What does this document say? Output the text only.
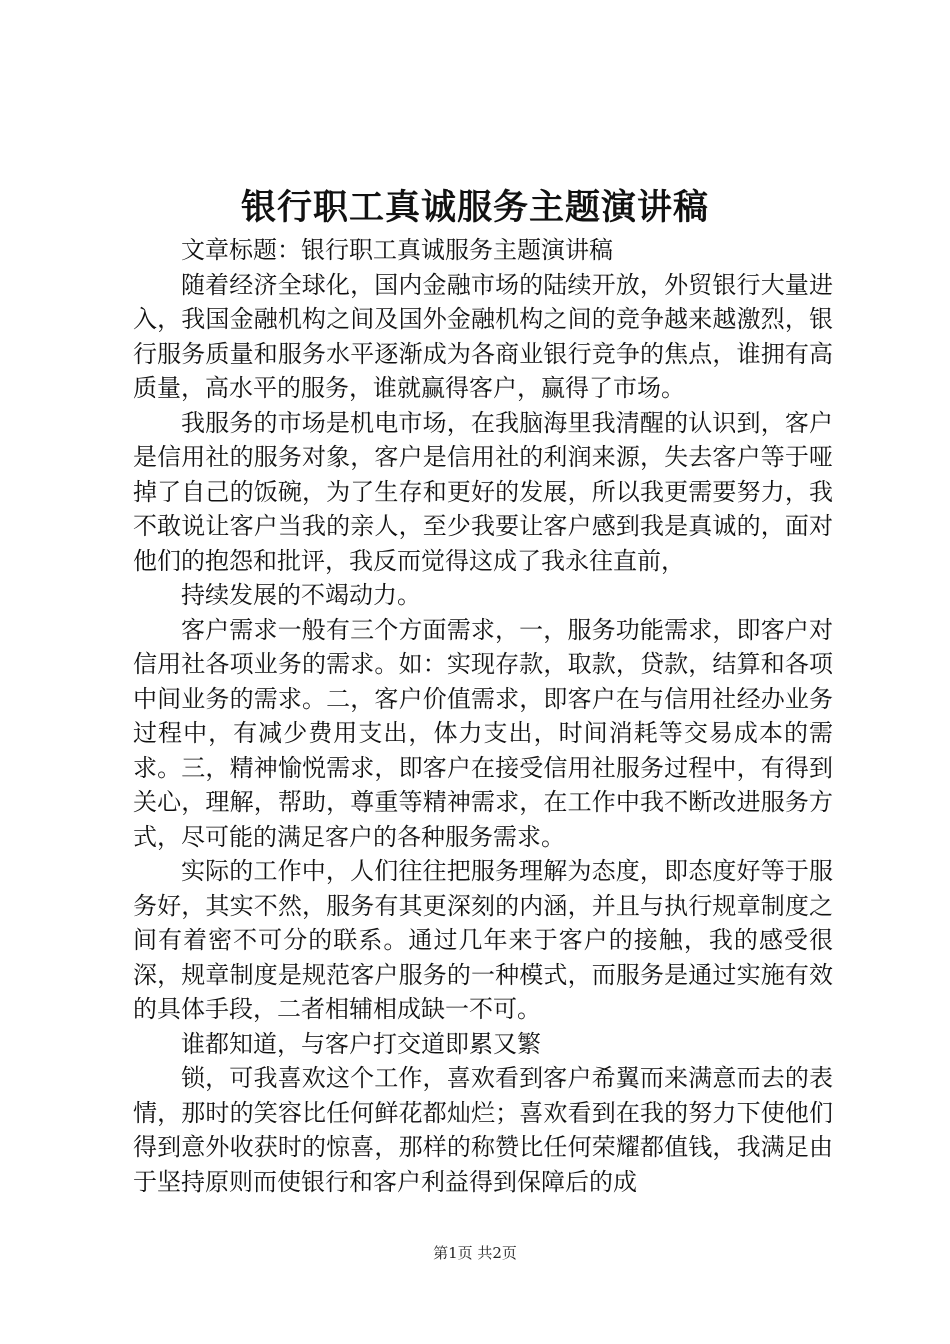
银行职工真诚服务主题演讲稿

文章标题：银行职工真诚服务主题演讲稿

随着经济全球化，国内金融市场的陆续开放，外贸银行大量进入，我国金融机构之间及国外金融机构之间的竞争越来越激烈，银行服务质量和服务水平逐渐成为各商业银行竞争的焦点，谁拥有高质量，高水平的服务，谁就赢得客户，赢得了市场。

我服务的市场是机电市场，在我脑海里我清醒的认识到，客户是信用社的服务对象，客户是信用社的利润来源，失去客户等于哑掉了自己的饭碗，为了生存和更好的发展，所以我更需要努力，我不敢说让客户当我的亲人，至少我要让客户感到我是真诚的，面对他们的抱怨和批评，我反而觉得这成了我永往直前，

持续发展的不竭动力。

客户需求一般有三个方面需求，一，服务功能需求，即客户对信用社各项业务的需求。如：实现存款，取款，贷款，结算和各项中间业务的需求。二，客户价值需求，即客户在与信用社经办业务过程中，有减少费用支出，体力支出，时间消耗等交易成本的需求。三，精神愉悦需求，即客户在接受信用社服务过程中，有得到关心，理解，帮助，尊重等精神需求，在工作中我不断改进服务方式，尽可能的满足客户的各种服务需求。

实际的工作中，人们往往把服务理解为态度，即态度好等于服务好，其实不然，服务有其更深刻的内涵，并且与执行规章制度之间有着密不可分的联系。通过几年来于客户的接触，我的感受很深，规章制度是规范客户服务的一种模式，而服务是通过实施有效的具体手段，二者相辅相成缺一不可。

谁都知道，与客户打交道即累又繁

锁，可我喜欢这个工作，喜欢看到客户希翼而来满意而去的表情，那时的笑容比任何鲜花都灿烂；喜欢看到在我的努力下使他们得到意外收获时的惊喜，那样的称赞比任何荣耀都值钱，我满足由于坚持原则而使银行和客户利益得到保障后的成

第1页 共2页
